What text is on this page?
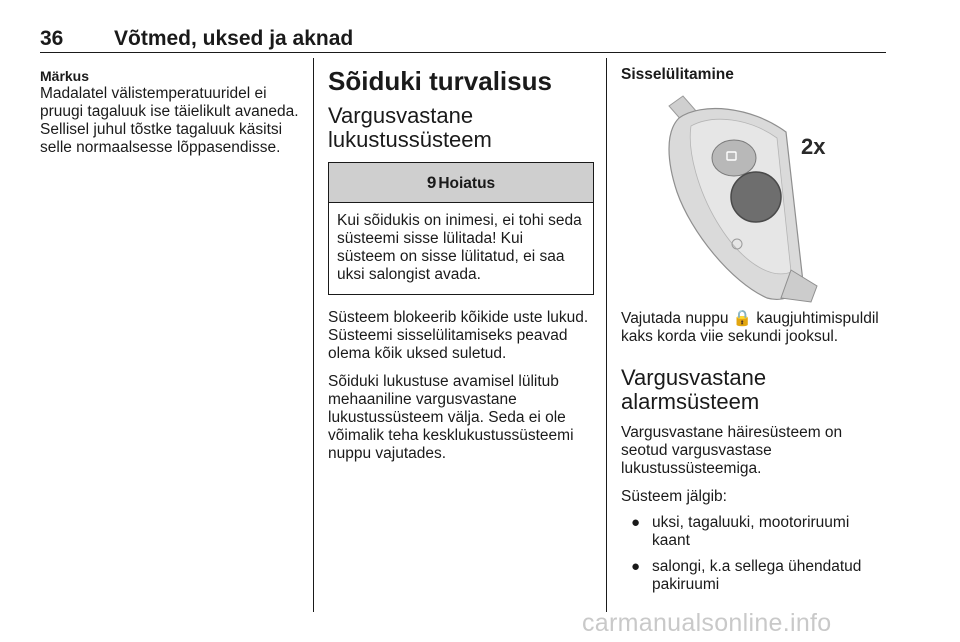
36 Võtmed, uksed ja aknad
Märkus

Madalatel välistemperatuuridel ei pruugi tagaluuk ise täielikult avaneda. Sellisel juhul tõstke tagaluuk käsitsi selle normaalsesse lõppasendisse.

Sõiduki turvalisus
Vargusvastane lukustussüsteem
9 Hoiatus

Kui sõidukis on inimesi, ei tohi seda süsteemi sisse lülitada! Kui süsteem on sisse lülitatud, ei saa uksi salongist avada.

Süsteem blokeerib kõikide uste lukud. Süsteemi sisselülitamiseks peavad olema kõik uksed suletud.

Sõiduki lukustuse avamisel lülitub mehaaniline vargusvastane lukustussüsteem välja. Seda ei ole võimalik teha kesklukustussüsteemi nuppu vajutades.

Sisselülitamine
2x

Vajutada nuppu 🔒 kaugjuhtimispuldil kaks korda viie sekundi jooksul.

Vargusvastane alarmsüsteem

Vargusvastane häiresüsteem on seotud vargusvastase lukustussüsteemiga.

Süsteem jälgib:

● uksi, tagaluuki, mootoriruumi kaant
● salongi, k.a sellega ühendatud pakiruumi
carmanualsonline.info
